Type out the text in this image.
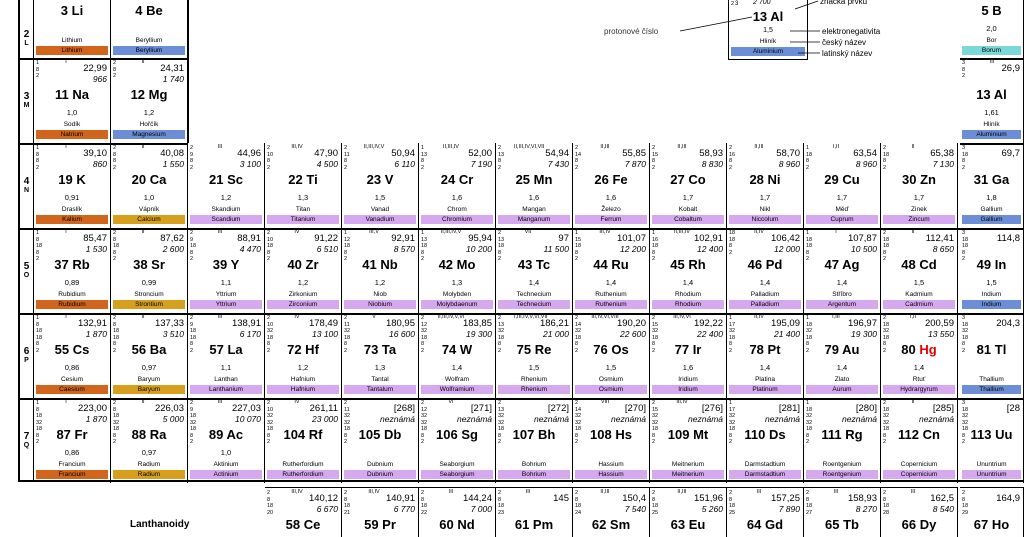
2
L
3
M
4
N
5
O
6
P
7
Q
3 Li
Lithium
Lithium
4 Be
Beryllium
Beryllium
1
8
2
I
22,99
966
11 Na
1,0
Sodík
Natrium
2
8
2
II
24,31
1 740
12 Mg
1,2
Hořčík
Magnesium
1
8
8
2
I
39,10
860
19 K
0,91
Draslík
Kalium
2
8
8
2
II
40,08
1 550
20 Ca
1,0
Vápník
Calcium
2
9
8
2
III
44,96
3 100
21 Sc
1,2
Skandium
Scandium
2
10
8
2
III,IV
47,90
4 500
22 Ti
1,3
Titan
Titanium
2
11
8
2
II,III,IV,V
50,94
6 110
23 V
1,5
Vanad
Vanadium
1
13
8
2
II,III,IV
52,00
7 190
24 Cr
1,6
Chrom
Chromium
2
13
8
2
II,III,IV,VI,VII
54,94
7 430
25 Mn
1,6
Mangan
Manganum
2
14
8
2
II,III
55,85
7 870
26 Fe
1,6
Železo
Ferrum
2
15
8
2
II,III
58,93
8 830
27 Co
1,7
Kobalt
Cobaltum
2
16
8
2
II,III
58,70
8 960
28 Ni
1,7
Nikl
Niccolum
1
18
8
2
I,II
63,54
8 960
29 Cu
1,7
Měď
Cuprum
2
18
8
2
II
65,38
7 130
30 Zn
1,7
Zinek
Zincum
1
8
18
8
2
I
85,47
1 530
37 Rb
0,89
Rubidium
Rubidium
2
8
18
8
2
II
87,62
2 600
38 Sr
0,99
Stroncium
Strontium
2
9
18
8
2
III
88,91
4 470
39 Y
1,1
Yttrium
Yttrium
2
10
18
8
2
IV
91,22
6 510
40 Zr
1,2
Zirkonium
Zirconium
1
12
18
8
2
III,V
92,91
8 570
41 Nb
1,2
Niob
Niobium
1
13
18
8
2
II,III,IV,V
95,94
10 200
42 Mo
1,3
Molybden
Molybdaenum
2
13
18
8
2
VII
97
11 500
43 Tc
1,4
Technecium
Technecium
1
15
18
8
2
III,IV
101,07
12 200
44 Ru
1,4
Ruthenium
Ruthenium
1
16
18
8
2
II,III,IV
102,91
12 400
45 Rh
1,4
Rhodium
Rhodium
18
18
8
2
II,IV
106,42
12 000
46 Pd
1,4
Palladium
Palladium
1
18
18
8
2
I
107,87
10 500
47 Ag
1,4
Stříbro
Argentum
2
18
18
8
2
II
112,41
8 650
48 Cd
1,5
Kadmium
Cadmium
1
8
18
18
8
2
I
132,91
1 870
55 Cs
0,86
Cesium
Caesium
2
8
18
18
8
2
II
137,33
3 510
56 Ba
0,97
Baryum
Baryum
2
9
18
18
8
2
III
138,91
6 170
57 La
1,1
Lanthan
Lanthanium
2
10
32
18
8
2
IV
178,49
13 100
72 Hf
1,2
Hafnium
Hafnium
2
11
32
18
8
2
V
180,95
16 600
73 Ta
1,3
Tantal
Tantalum
2
12
32
18
8
2
II,III,IV,V,VI
183,85
19 300
74 W
1,4
Wolfram
Wolframium
2
13
32
18
8
2
I,III,IV,V,VI,VII
186,21
21 000
75 Re
1,5
Rhenium
Rhenium
2
14
32
18
8
2
III,IV,VI,VIII
190,20
22 600
76 Os
1,5
Osmium
Osmium
2
15
32
18
8
2
III,IV,VI
192,22
22 400
77 Ir
1,6
Iridium
Iridium
1
17
32
18
8
2
II,IV
195,09
21 400
78 Pt
1,4
Platina
Platinum
1
18
32
18
8
2
I,III
196,97
19 300
79 Au
1,4
Zlato
Aurum
2
18
32
18
8
2
I,II
200,59
13 550
80 Hg
1,4
Rtuť
Hydrargyrum
1
8
18
32
18
8
2
I
223,00
1 870
87 Fr
0,86
Francium
Francium
2
8
18
32
18
8
2
II
226,03
5 000
88 Ra
0,97
Radium
Radium
2
9
18
32
18
8
2
III
227,03
10 070
89 Ac
1,0
Aktinium
Actinium
2
10
32
32
18
8
2
IV
261,11
23 000
104 Rf
Rutherfordium
Rutherfordium
2
11
32
32
18
8
2
[268]
neznámá
105 Db
Dubnium
Dubnium
2
12
32
32
18
8
2
VI
[271]
neznámá
106 Sg
Seaborgium
Seaborgium
2
13
32
32
18
8
2
[272]
neznámá
107 Bh
Bohrium
Bohrium
2
14
32
32
18
8
2
VIII
[270]
neznámá
108 Hs
Hassium
Hassium
2
15
32
32
18
8
2
III,IV
[276]
neznámá
109 Mt
Meitnerium
Meitnerium
1
17
32
32
18
8
2
[281]
neznámá
110 Ds
Darmstadtium
Darmstadtium
1
18
32
32
18
8
2
[280]
neznámá
111 Rg
Roentgenium
Roentgenium
2
18
32
32
18
8
2
II
[285]
neznámá
112 Cn
Copernicium
Copernicium
5 B
2,0
Bor
Borum
3
8
2
III
26,9
13 Al
1,61
Hliník
Aluminium
3
18
8
2
69,7
31 Ga
1,8
Gallium
Gallium
3
18
18
8
2
114,8
49 In
1,5
Indium
Indium
3
18
32
18
8
2
204,3
81 Tl
Thallium
Thallium
3
18
32
32
18
8
2
[28
113 Uu
Ununtrium
Ununtrium
2	2 700
3
13 Al
1,5
Hliník
Aluminium
značka prvku
protonové číslo	elektronegativita
český název
latinský název
2
8
18
20
III,IV
140,12
6 670
58 Ce
2
8
18
21
III,IV
140,91
6 770
59 Pr
2
8
18
22
III
144,24
7 000
60 Nd
2
8
18
23
III
145
61 Pm
2
8
18
24
II,III
150,4
7 540
62 Sm
2
8
18
25
II,III
151,96
5 260
63 Eu
2
8
18
25
III
157,25
7 890
64 Gd
2
8
18
27
III
158,93
8 270
65 Tb
2
8
18
28
III
162,5
8 540
66 Dy
2
8
18
29
164,9
67 Ho
Lanthanoidy
